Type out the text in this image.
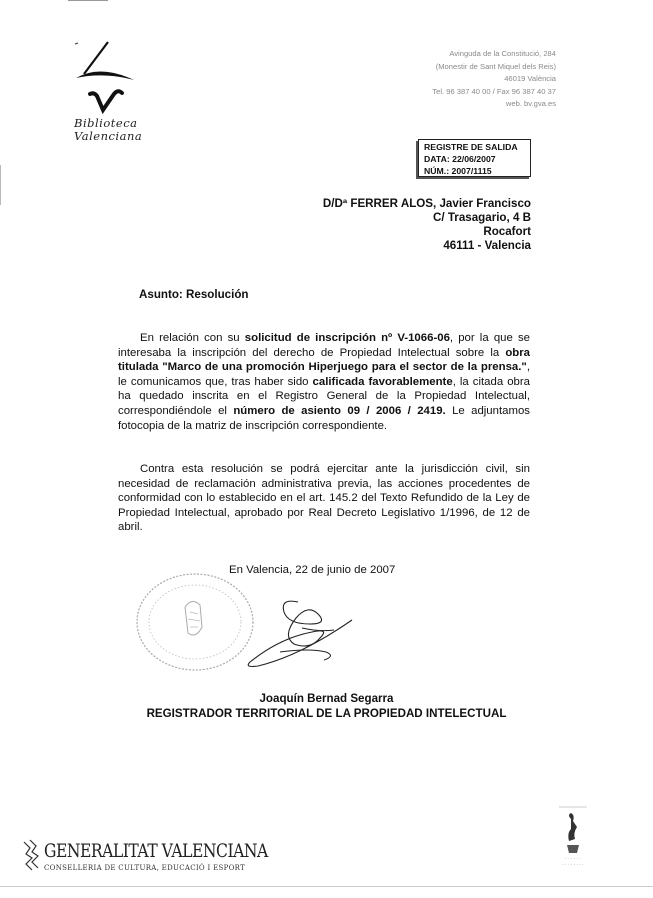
Biblioteca
Valenciana
Avinguda de la Constitució, 284
(Monestir de Sant Miquel dels Reis)
46019 València
Tel. 96 387 40 00 / Fax 96 387 40 37
web. bv.gva.es
REGISTRE DE SALIDA
DATA: 22/06/2007
NÚM.: 2007/1115
D/Dª FERRER ALOS, Javier Francisco
C/ Trasagario, 4 B
Rocafort
46111 - Valencia
Asunto: Resolución
En relación con su solicitud de inscripción nº V-1066-06, por la que se interesaba la inscripción del derecho de Propiedad Intelectual sobre la obra titulada "Marco de una promoción Hiperjuego para el sector de la prensa.", le comunicamos que, tras haber sido calificada favorablemente, la citada obra ha quedado inscrita en el Registro General de la Propiedad Intelectual, correspondiéndole el número de asiento 09 / 2006 / 2419. Le adjuntamos fotocopia de la matriz de inscripción correspondiente.
Contra esta resolución se podrá ejercitar ante la jurisdicción civil, sin necesidad de reclamación administrativa previa, las acciones procedentes de conformidad con lo establecido en el art. 145.2 del Texto Refundido de la Ley de Propiedad Intelectual, aprobado por Real Decreto Legislativo 1/1996, de 12 de abril.
En Valencia, 22 de junio de 2007
Joaquín Bernad Segarra
REGISTRADOR TERRITORIAL DE LA PROPIEDAD INTELECTUAL
GENERALITAT VALENCIANA
CONSELLERIA DE CULTURA, EDUCACIÓ I ESPORT
· · · · · ·
· · · · · · · ·
